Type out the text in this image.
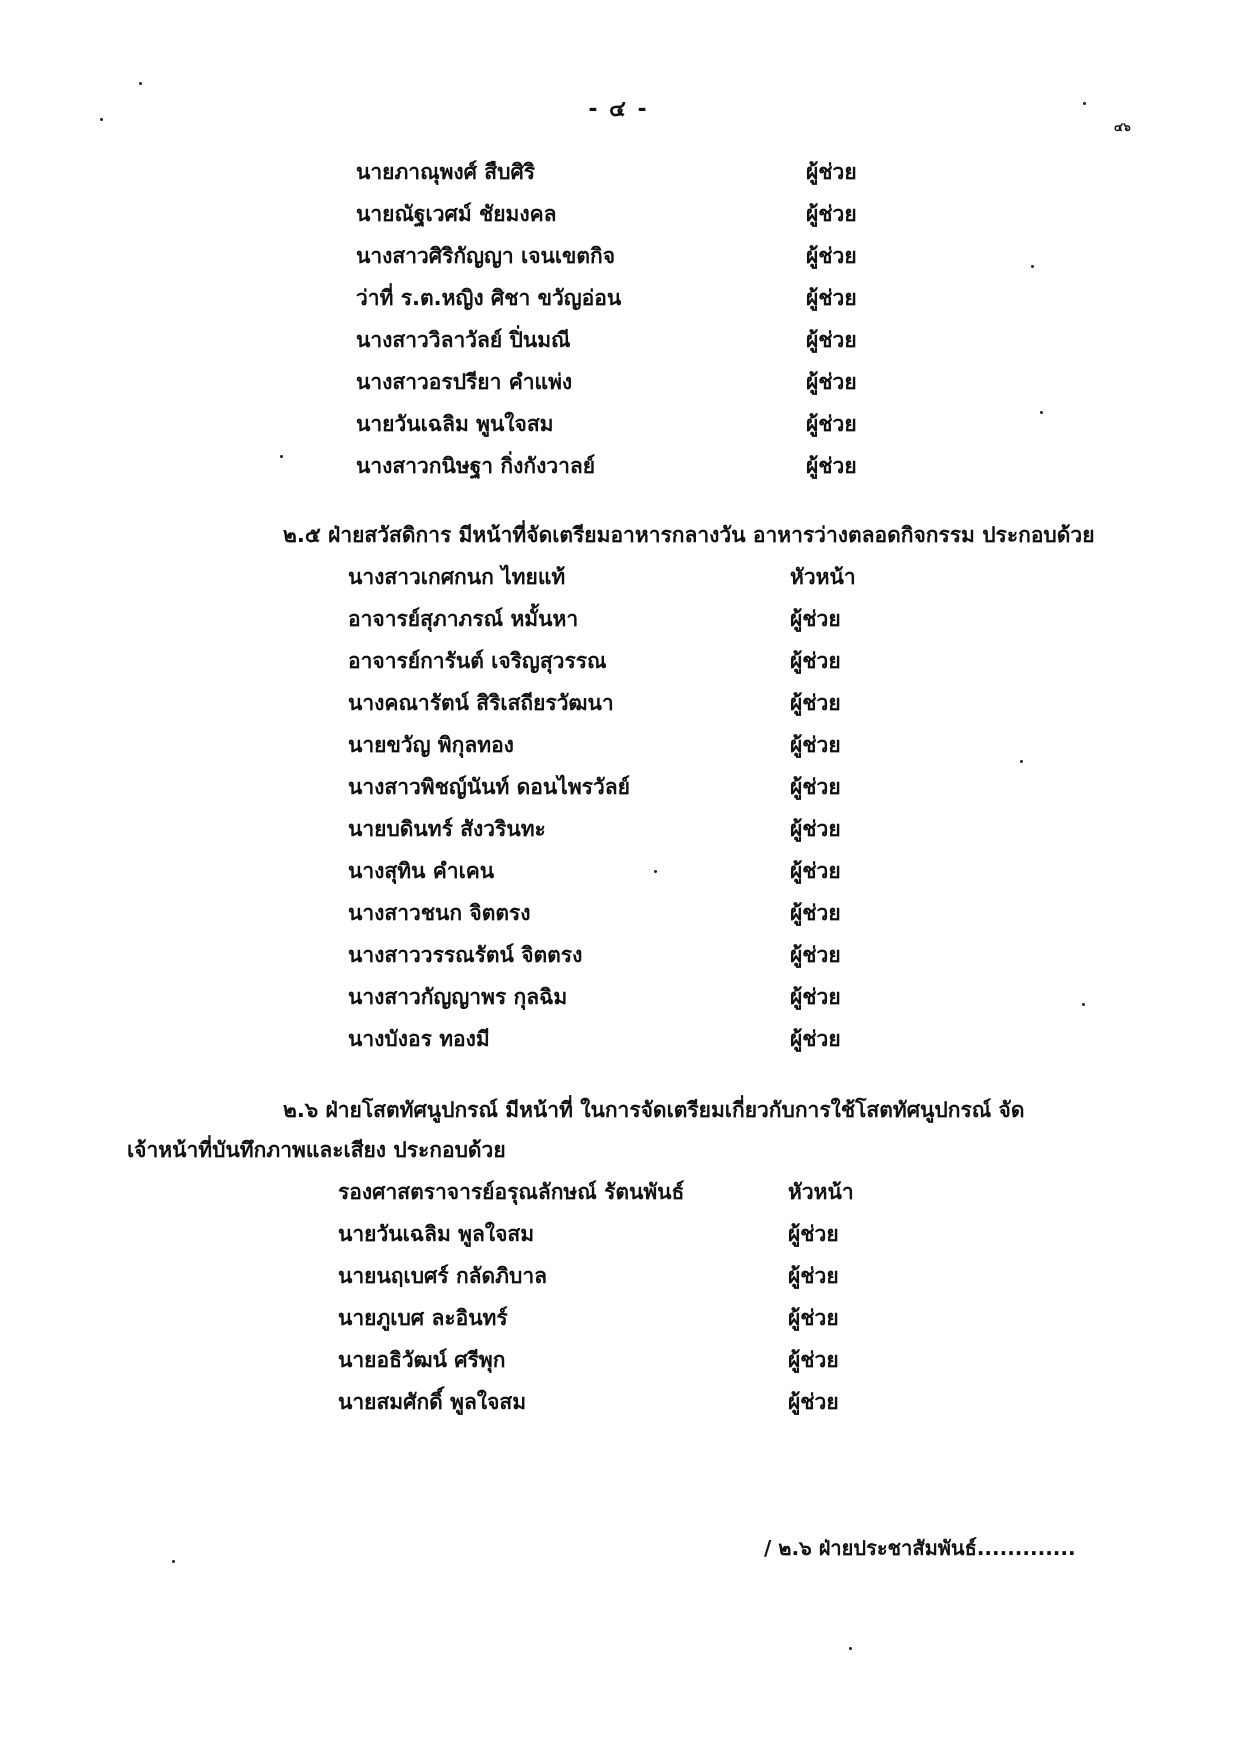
- ๔ -
๔๖
นายภาณุพงศ์ สืบศิริ	ผู้ช่วย
นายณัฐเวศม์ ชัยมงคล	ผู้ช่วย
นางสาวศิริกัญญา เจนเขตกิจ	ผู้ช่วย
ว่าที่ ร.ต.หญิง ศิชา ขวัญอ่อน	ผู้ช่วย
นางสาววิลาวัลย์ ปิ่นมณี	ผู้ช่วย
นางสาวอรปรียา คำแพ่ง	ผู้ช่วย
นายวันเฉลิม พูนใจสม	ผู้ช่วย
นางสาวกนิษฐา กิ่งกังวาลย์	ผู้ช่วย
๒.๕ ฝ่ายสวัสดิการ มีหน้าที่จัดเตรียมอาหารกลางวัน อาหารว่างตลอดกิจกรรม ประกอบด้วย
นางสาวเกศกนก ไทยแท้	หัวหน้า
อาจารย์สุภาภรณ์ หมั้นหา	ผู้ช่วย
อาจารย์การันต์ เจริญสุวรรณ	ผู้ช่วย
นางคณารัตน์ สิริเสถียรวัฒนา	ผู้ช่วย
นายขวัญ พิกุลทอง	ผู้ช่วย
นางสาวพิชญ์นันท์ ดอนไพรวัลย์	ผู้ช่วย
นายบดินทร์ สังวรินทะ	ผู้ช่วย
นางสุทิน คำเคน	ผู้ช่วย
นางสาวชนก จิตตรง	ผู้ช่วย
นางสาววรรณรัตน์ จิตตรง	ผู้ช่วย
นางสาวกัญญาพร กุลฉิม	ผู้ช่วย
นางบังอร ทองมี	ผู้ช่วย
๒.๖ ฝ่ายโสตทัศนูปกรณ์ มีหน้าที่ ในการจัดเตรียมเกี่ยวกับการใช้โสตทัศนูปกรณ์ จัด
เจ้าหน้าที่บันทึกภาพและเสียง ประกอบด้วย
รองศาสตราจารย์อรุณลักษณ์ รัตนพันธ์	หัวหน้า
นายวันเฉลิม พูลใจสม	ผู้ช่วย
นายนฤเบศร์ กลัดภิบาล	ผู้ช่วย
นายภูเบศ ละอินทร์	ผู้ช่วย
นายอธิวัฒน์ ศรีพุก	ผู้ช่วย
นายสมศักดิ์ พูลใจสม	ผู้ช่วย
/ ๒.๖ ฝ่ายประชาสัมพันธ์.............
